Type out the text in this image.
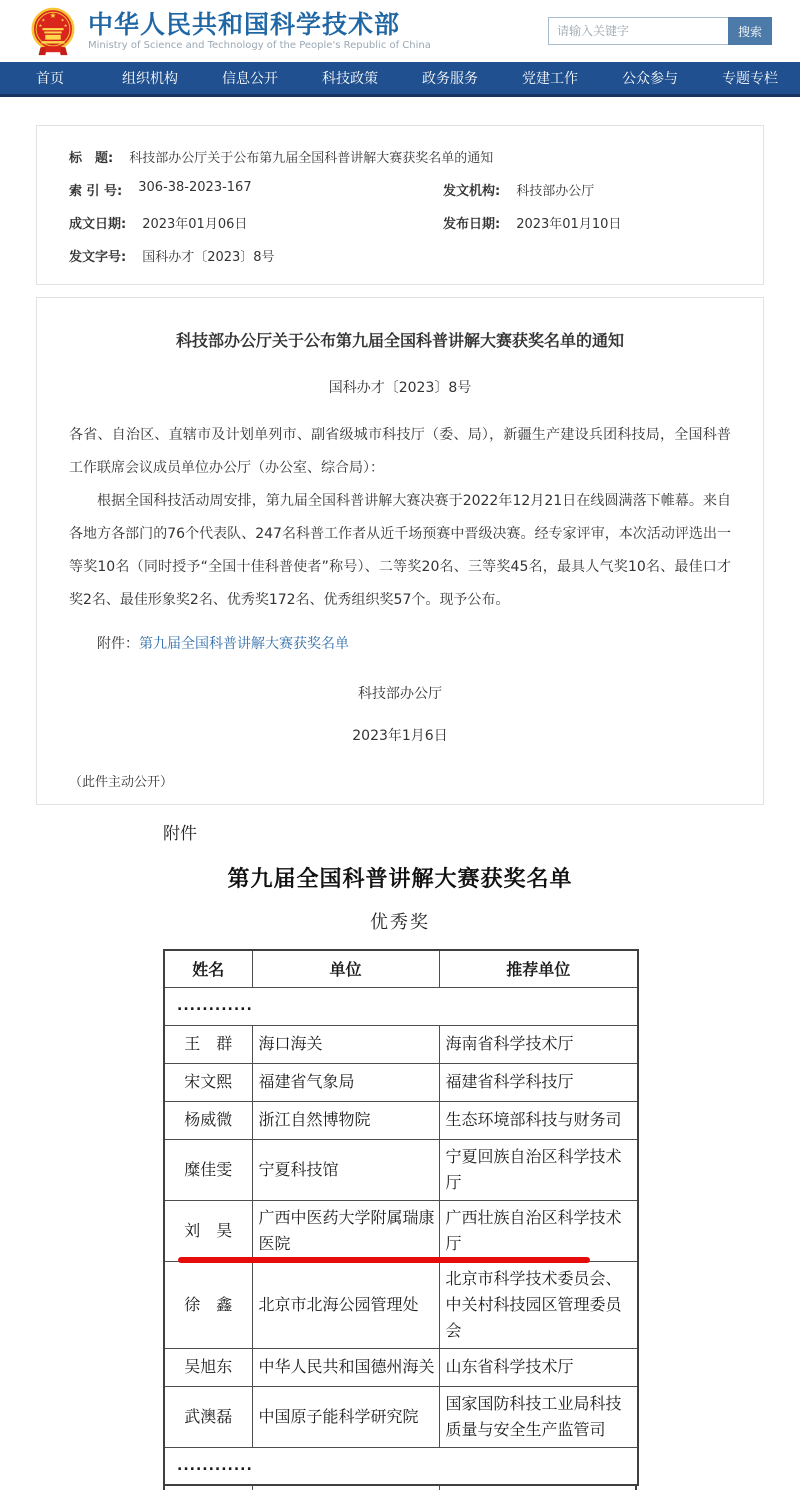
★
★	★
★	★ 中华人民共和国科学技术部
Ministry of Science and Technology of the People's Republic of China
请输入关键字
搜索
首页	组织机构	信息公开	科技政策	政务服务	党建工作	公众参与	专题专栏
标　题: 科技部办公厅关于公布第九届全国科普讲解大赛获奖名单的通知
索 引 号: 306-38-2023-167	发文机构: 科技部办公厅
成文日期: 2023年01月06日	发布日期: 2023年01月10日
发文字号: 国科办才〔2023〕8号
科技部办公厅关于公布第九届全国科普讲解大赛获奖名单的通知
国科办才〔2023〕8号
各省、自治区、直辖市及计划单列市、副省级城市科技厅（委、局），新疆生产建设兵团科技局，全国科普工作联席会议成员单位办公厅（办公室、综合局）：
根据全国科技活动周安排，第九届全国科普讲解大赛决赛于2022年12月21日在线圆满落下帷幕。来自各地方各部门的76个代表队、247名科普工作者从近千场预赛中晋级决赛。经专家评审，本次活动评选出一等奖10名（同时授予“全国十佳科普使者”称号）、二等奖20名、三等奖45名，最具人气奖10名、最佳口才奖2名、最佳形象奖2名、优秀奖172名、优秀组织奖57个。现予公布。
附件：第九届全国科普讲解大赛获奖名单
科技部办公厅
2023年1月6日
（此件主动公开）
附件
第九届全国科普讲解大赛获奖名单
优秀奖
姓名	单位	推荐单位
............		
王　群	海口海关	海南省科学技术厅
宋文熙	福建省气象局	福建省科学科技厅
杨威微	浙江自然博物院	生态环境部科技与财务司
糜佳雯	宁夏科技馆	宁夏回族自治区科学技术厅
刘　昊	广西中医药大学附属瑞康医院	广西壮族自治区科学技术厅
徐　鑫	北京市北海公园管理处	北京市科学技术委员会、中关村科技园区管理委员会
吴旭东	中华人民共和国德州海关	山东省科学技术厅
武澳磊	中国原子能科学研究院	国家国防科技工业局科技质量与安全生产监管司
............		
